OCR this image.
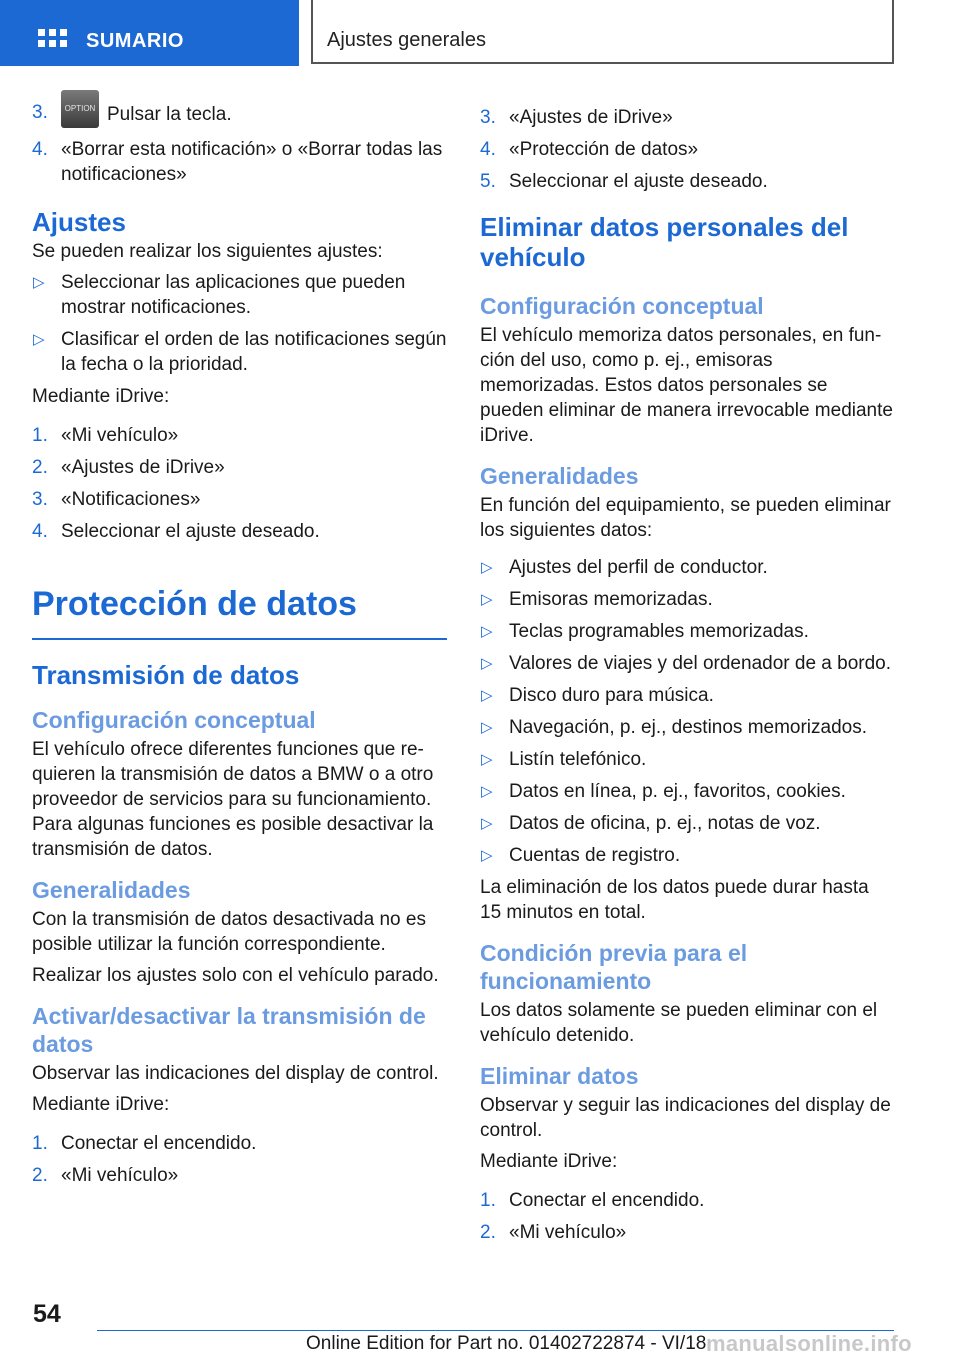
SUMARIO	Ajustes generales
3. OPTION Pulsar la tecla.
4. «Borrar esta notificación» o «Borrar todas las notificaciones»
Ajustes

Se pueden realizar los siguientes ajustes:

▷ Seleccionar las aplicaciones que pueden mostrar notificaciones.
▷ Clasificar el orden de las notificaciones según la fecha o la prioridad.

Mediante iDrive:

1. «Mi vehículo»
2. «Ajustes de iDrive»
3. «Notificaciones»
4. Seleccionar el ajuste deseado.
Protección de datos
Transmisión de datos
Configuración conceptual

El vehículo ofrece diferentes funciones que requieren la transmisión de datos a BMW o a otro proveedor de servicios para su funcionamiento. Para algunas funciones es posible desactivar la transmisión de datos.

Generalidades

Con la transmisión de datos desactivada no es posible utilizar la función correspondiente.

Realizar los ajustes solo con el vehículo parado.

Activar/desactivar la transmisión de datos

Observar las indicaciones del display de control.

Mediante iDrive:

1. Conectar el encendido.
2. «Mi vehículo»
3. «Ajustes de iDrive»
4. «Protección de datos»
5. Seleccionar el ajuste deseado.
Eliminar datos personales del vehículo
Configuración conceptual

El vehículo memoriza datos personales, en función del uso, como p. ej., emisoras memorizadas. Estos datos personales se pueden eliminar de manera irrevocable mediante iDrive.

Generalidades

En función del equipamiento, se pueden eliminar los siguientes datos:

▷ Ajustes del perfil de conductor.
▷ Emisoras memorizadas.
▷ Teclas programables memorizadas.
▷ Valores de viajes y del ordenador de a bordo.
▷ Disco duro para música.
▷ Navegación, p. ej., destinos memorizados.
▷ Listín telefónico.
▷ Datos en línea, p. ej., favoritos, cookies.
▷ Datos de oficina, p. ej., notas de voz.
▷ Cuentas de registro.

La eliminación de los datos puede durar hasta 15 minutos en total.

Condición previa para el funcionamiento

Los datos solamente se pueden eliminar con el vehículo detenido.

Eliminar datos

Observar y seguir las indicaciones del display de control.

Mediante iDrive:

1. Conectar el encendido.
2. «Mi vehículo»
54
Online Edition for Part no. 01402722874 - VI/18 manualsonline.info
